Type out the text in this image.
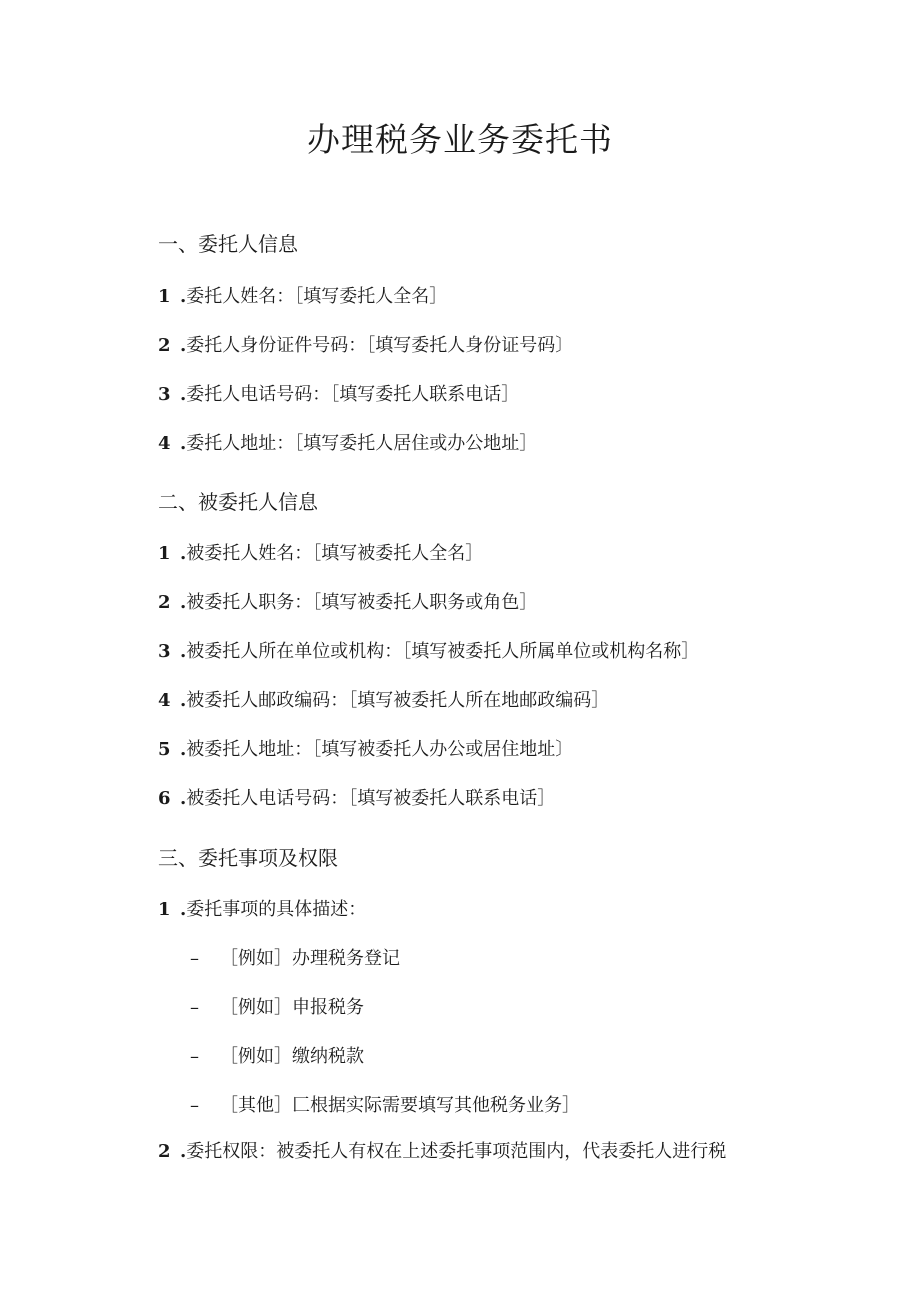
办理税务业务委托书
一、委托人信息
1 .委托人姓名：［填写委托人全名］
2 .委托人身份证件号码：［填写委托人身份证号码〕
3 .委托人电话号码：［填写委托人联系电话］
4 .委托人地址：［填写委托人居住或办公地址］
二、被委托人信息
1 .被委托人姓名：［填写被委托人全名］
2 .被委托人职务：［填写被委托人职务或角色］
3 .被委托人所在单位或机构：［填写被委托人所属单位或机构名称］
4 .被委托人邮政编码：［填写被委托人所在地邮政编码］
5 .被委托人地址：［填写被委托人办公或居住地址〕
6 .被委托人电话号码：［填写被委托人联系电话］
三、委托事项及权限
1 .委托事项的具体描述：
– ［例如］办理税务登记
– ［例如］申报税务
– ［例如］缴纳税款
– ［其他］匚根据实际需要填写其他税务业务］
2 .委托权限：被委托人有权在上述委托事项范围内，代表委托人进行税
